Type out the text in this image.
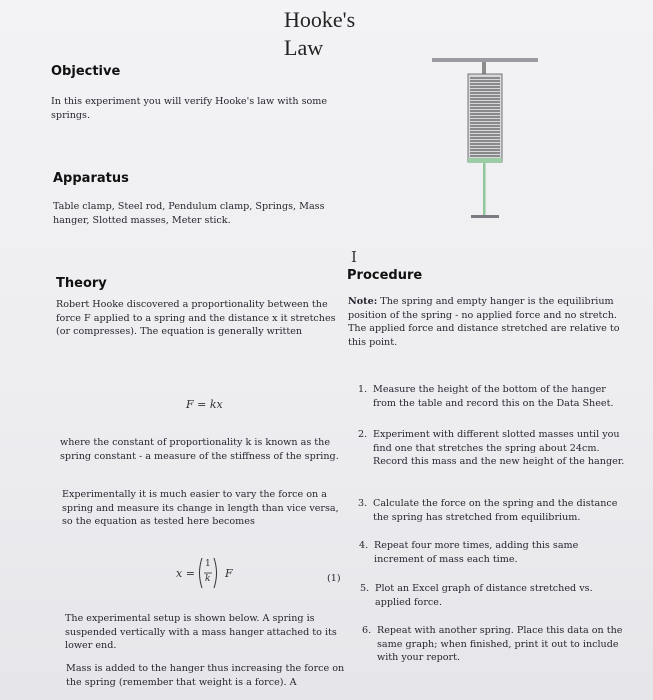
Hooke's
Law
Objective
In this experiment you will verify Hooke's law with some springs.
Apparatus
Table clamp, Steel rod, Pendulum clamp, Springs, Mass hanger, Slotted masses, Meter stick.
I
Theory
Robert Hooke discovered a proportionality between the force F applied to a spring and the distance x it stretches (or compresses). The equation is generally written
F = kx
where the constant of proportionality k is known as the spring constant - a measure of the stiffness of the spring.
Experimentally it is much easier to vary the force on a spring and measure its change in length than vice versa, so the equation as tested here becomes
x =
1
k F	(1)
The experimental setup is shown below. A spring is suspended vertically with a mass hanger attached to its lower end.
Mass is added to the hanger thus increasing the force on the spring (remember that weight is a force). A
Procedure
Note: The spring and empty hanger is the equilibrium position of the spring - no applied force and no stretch. The applied force and distance stretched are relative to this point.
1. Measure the height of the bottom of the hanger from the table and record this on the Data Sheet.
2. Experiment with different slotted masses until you find one that stretches the spring about 24cm. Record this mass and the new height of the hanger.
3. Calculate the force on the spring and the distance the spring has stretched from equilibrium.
4. Repeat four more times, adding this same increment of mass each time.
5. Plot an Excel graph of distance stretched vs. applied force.
6. Repeat with another spring. Place this data on the same graph; when finished, print it out to include with your report.
